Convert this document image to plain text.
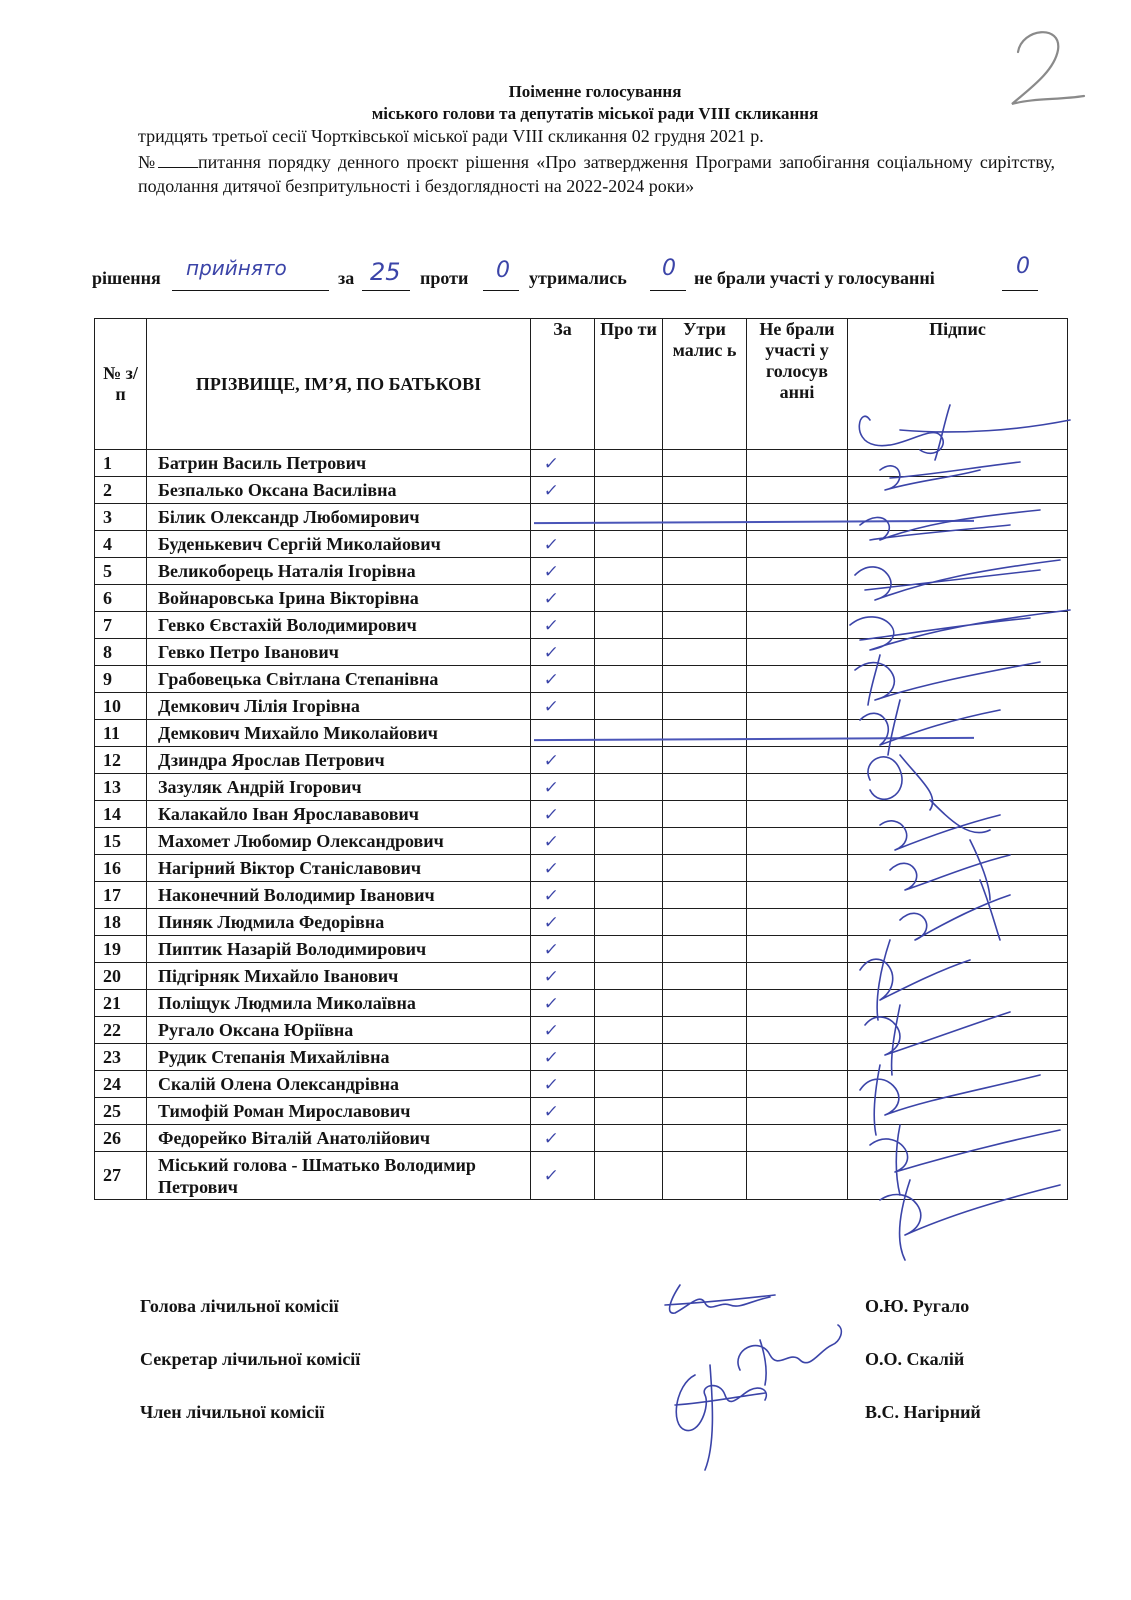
Поіменне голосування
міського голови та депутатів міської ради VIII скликання
тридцять третьої сесії Чортківської міської ради VIII скликання 02 грудня 2021 р.
№ питання порядку денного проєкт рішення «Про затвердження Програми запобігання соціальному сирітству, подолання дитячої безпритульності і бездоглядності на 2022-2024 роки»
рішення прийнято	за 25 проти 0 утримались 0 не брали участі у голосуванні	0
№ з/п	ПРІЗВИЩЕ, ІМ’Я, ПО БАТЬКОВІ	За	Про ти	Утри малис ь	Не брали участі у голосув анні	Підпис
1	Батрин Василь Петрович	✓				
2	Безпалько Оксана Василівна	✓				
3	Білик Олександр Любомирович					
4	Буденькевич Сергій Миколайович	✓				
5	Великоборець Наталія Ігорівна	✓				
6	Войнаровська Ірина Вікторівна	✓				
7	Гевко Євстахій Володимирович	✓				
8	Гевко Петро Іванович	✓				
9	Грабовецька Світлана Степанівна	✓				
10	Демкович Лілія Ігорівна	✓				
11	Демкович Михайло Миколайович					
12	Дзиндра Ярослав Петрович	✓				
13	Зазуляк Андрій Ігорович	✓				
14	Калакайло Іван Ярослававович	✓				
15	Махомет Любомир Олександрович	✓				
16	Нагірний Віктор Станіславович	✓				
17	Наконечний Володимир Іванович	✓				
18	Пиняк Людмила Федорівна	✓				
19	Пиптик Назарій Володимирович	✓				
20	Підгірняк Михайло Іванович	✓				
21	Поліщук Людмила Миколаївна	✓				
22	Ругало Оксана Юріївна	✓				
23	Рудик Степанія Михайлівна	✓				
24	Скалій Олена Олександрівна	✓				
25	Тимофій Роман Мирославович	✓				
26	Федорейко Віталій Анатолійович	✓				
27	Міський голова - Шматько Володимир Петрович	✓				
Голова лічильної комісії	О.Ю. Ругало
Секретар лічильної комісії	О.О. Скалій
Член лічильної комісії	В.С. Нагірний
